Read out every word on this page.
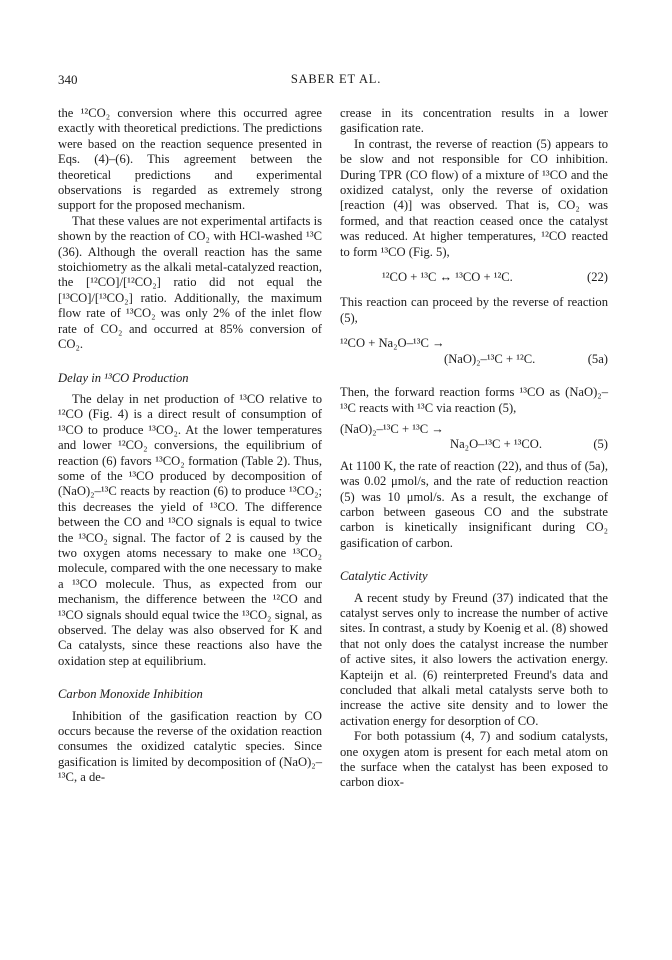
340	SABER ET AL.

the ¹²CO₂ conversion where this occurred agree exactly with theoretical predictions. The predictions were based on the reaction sequence presented in Eqs. (4)–(6). This agreement between the theoretical predictions and experimental observations is regarded as extremely strong support for the proposed mechanism.

That these values are not experimental artifacts is shown by the reaction of CO₂ with HCl-washed ¹³C (36). Although the overall reaction has the same stoichiometry as the alkali metal-catalyzed reaction, the [¹²CO]/[¹²CO₂] ratio did not equal the [¹³CO]/[¹³CO₂] ratio. Additionally, the maximum flow rate of ¹³CO₂ was only 2% of the inlet flow rate of CO₂ and occurred at 85% conversion of CO₂.

Delay in ¹³CO Production

The delay in net production of ¹³CO relative to ¹²CO (Fig. 4) is a direct result of consumption of ¹³CO to produce ¹³CO₂. At the lower temperatures and lower ¹²CO₂ conversions, the equilibrium of reaction (6) favors ¹³CO₂ formation (Table 2). Thus, some of the ¹³CO produced by decomposition of (NaO)₂–¹³C reacts by reaction (6) to produce ¹³CO₂; this decreases the yield of ¹³CO. The difference between the CO and ¹³CO signals is equal to twice the ¹³CO₂ signal. The factor of 2 is caused by the two oxygen atoms necessary to make one ¹³CO₂ molecule, compared with the one necessary to make a ¹³CO molecule. Thus, as expected from our mechanism, the difference between the ¹²CO and ¹³CO signals should equal twice the ¹³CO₂ signal, as observed. The delay was also observed for K and Ca catalysts, since these reactions also have the oxidation step at equilibrium.

Carbon Monoxide Inhibition

Inhibition of the gasification reaction by CO occurs because the reverse of the oxidation reaction consumes the oxidized catalytic species. Since gasification is limited by decomposition of (NaO)₂–¹³C, a de-

crease in its concentration results in a lower gasification rate.

In contrast, the reverse of reaction (5) appears to be slow and not responsible for CO inhibition. During TPR (CO flow) of a mixture of ¹³CO and the oxidized catalyst, only the reverse of oxidation [reaction (4)] was observed. That is, CO₂ was formed, and that reaction ceased once the catalyst was reduced. At higher temperatures, ¹²CO reacted to form ¹³CO (Fig. 5),

¹²CO + ¹³C ↔ ¹³CO + ¹²C.	(22)

This reaction can proceed by the reverse of reaction (5),

¹²CO + Na₂O–¹³C →
(NaO)₂–¹³C + ¹²C.	(5a)

Then, the forward reaction forms ¹³CO as (NaO)₂–¹³C reacts with ¹³C via reaction (5),

(NaO)₂–¹³C + ¹³C →
Na₂O–¹³C + ¹³CO.	(5)

At 1100 K, the rate of reaction (22), and thus of (5a), was 0.02 μmol/s, and the rate of reduction reaction (5) was 10 μmol/s. As a result, the exchange of carbon between gaseous CO and the substrate carbon is kinetically insignificant during CO₂ gasification of carbon.

Catalytic Activity

A recent study by Freund (37) indicated that the catalyst serves only to increase the number of active sites. In contrast, a study by Koenig et al. (8) showed that not only does the catalyst increase the number of active sites, it also lowers the activation energy. Kapteijn et al. (6) reinterpreted Freund's data and concluded that alkali metal catalysts serve both to increase the active site density and to lower the activation energy for desorption of CO.

For both potassium (4, 7) and sodium catalysts, one oxygen atom is present for each metal atom on the surface when the catalyst has been exposed to carbon diox-
